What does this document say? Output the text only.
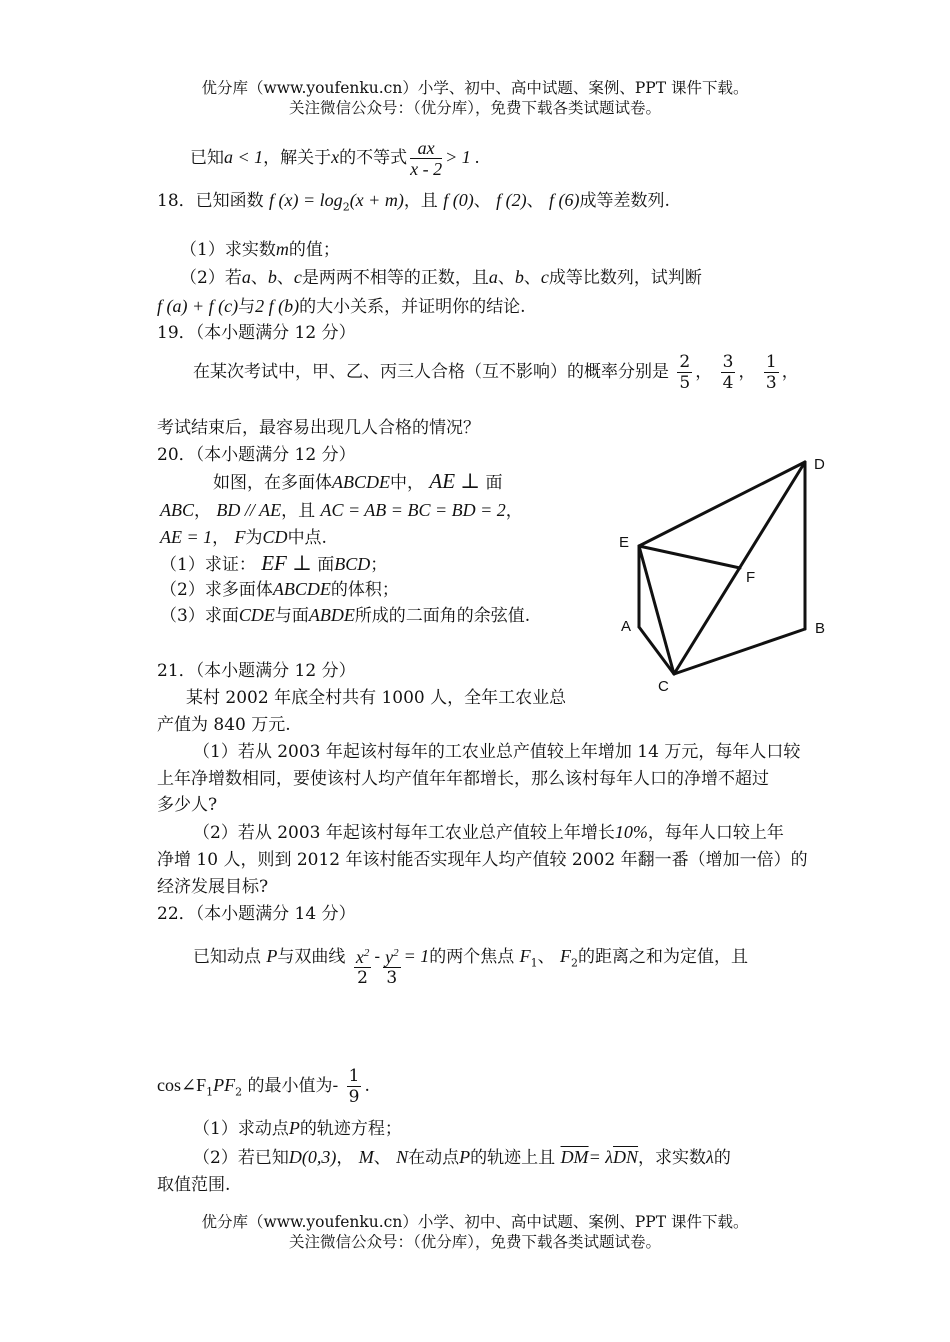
优分库（www.youfenku.cn）小学、初中、高中试题、案例、PPT 课件下载。
关注微信公众号：（优分库），免费下载各类试题试卷。
已知a < 1，解关于x的不等式 $\frac{ax}{x - 2} > 1$ .
18．已知函数 f $(x) = \log_2(x + m)$，且 f (0)、 f (2)、 f (6)成等差数列.
（1）求实数m的值；
（2）若a、b、c是两两不相等的正数，且a、b、c成等比数列，试判断
f (a) + f (c)与2 f (b)的大小关系，并证明你的结论.
19．（本小题满分 12 分）
在某次考试中，甲、乙、丙三人合格（互不影响）的概率分别是 $\frac{2}{5}$ ， $\frac{3}{4}$ ， $\frac{1}{3}$ ，
考试结束后，最容易出现几人合格的情况？
20．（本小题满分 12 分）
如图，在多面体ABCDE中， AE ⊥ 面
ABC， BD // AE，且 AC = AB = BC = BD = 2，
AE = 1， F为CD中点.
（1）求证： EF ⊥ 面BCD；
（2）求多面体ABCDE的体积；
（3）求面CDE与面ABDE所成的二面角的余弦值.
D
E
F
A	B
C
21．（本小题满分 12 分）
某村 2002 年底全村共有 1000 人，全年工农业总
产值为 840 万元.
（1）若从 2003 年起该村每年的工农业总产值较上年增加 14 万元，每年人口较
上年净增数相同，要使该村人均产值年年都增长，那么该村每年人口的净增不超过
多少人?
（2）若从 2003 年起该村每年工农业总产值较上年增长10%，每年人口较上年
净增 10 人，则到 2012 年该村能否实现年人均产值较 2002 年翻一番（增加一倍）的
经济发展目标?
22．（本小题满分 14 分）
已知动点 P与双曲线 $\frac{x^2}{2} - \frac{y^2}{3} = 1$的两个焦点 $F_1$、 $F_2$的距离之和为定值，且
$\cos\angle F_1PF_2$ 的最小值为- $\frac{1}{9}$ .
（1）求动点P的轨迹方程；
（2）若已知D(0,3)， M、 N在动点P的轨迹上且 $\overline{DM}= \lambda\overline{DN}$，求实数λ的
取值范围.
优分库（www.youfenku.cn）小学、初中、高中试题、案例、PPT 课件下载。
关注微信公众号：（优分库），免费下载各类试题试卷。
